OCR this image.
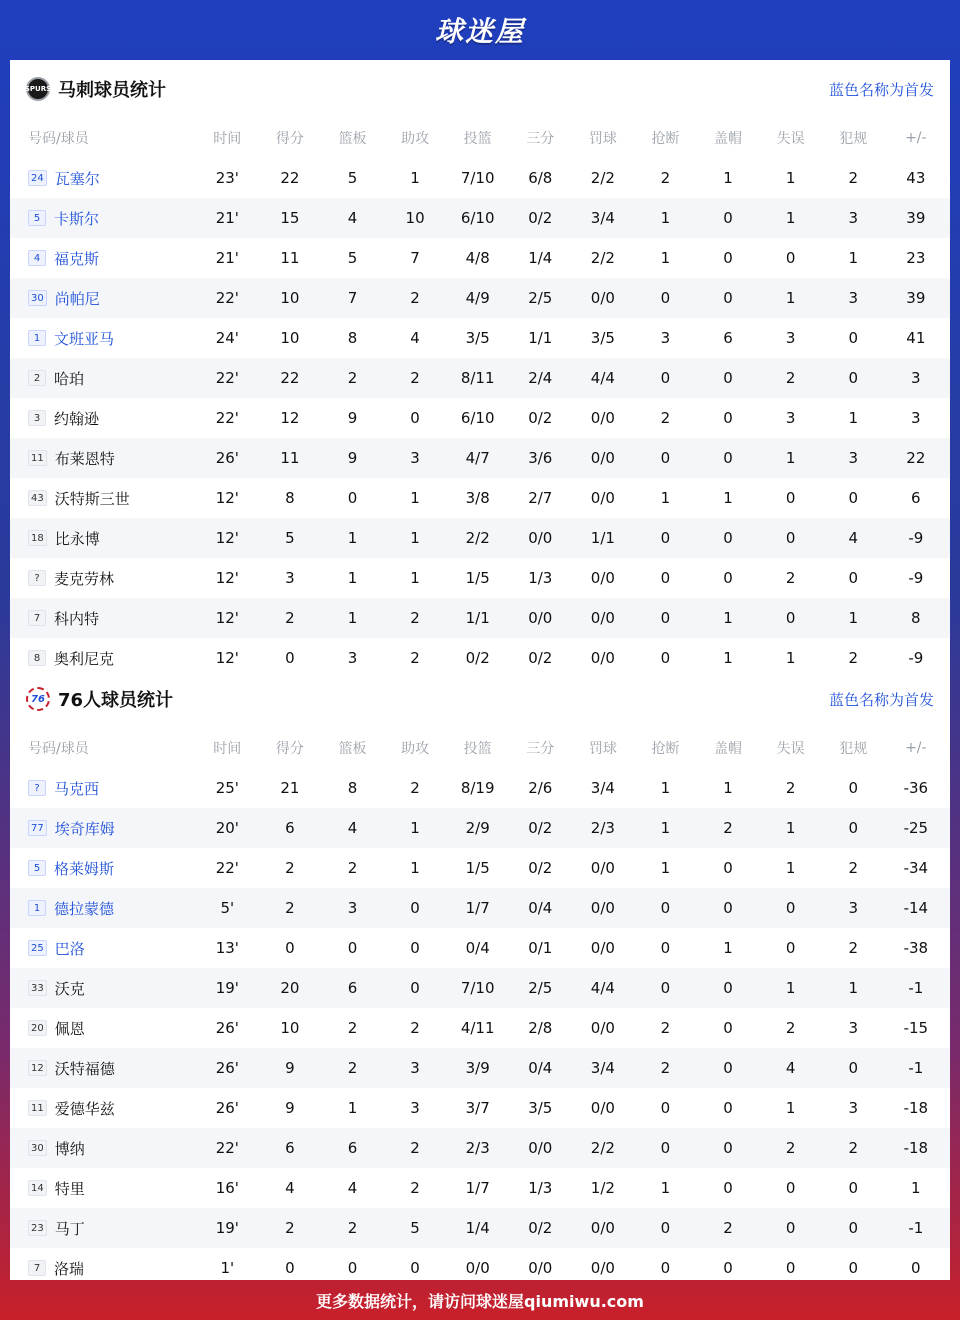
球迷屋
SPURS 马刺球员统计	蓝色名称为首发
号码/球员	时间	得分	篮板	助攻	投篮	三分	罚球	抢断	盖帽	失误	犯规	+/-
24 瓦塞尔	23'	22	5	1	7/10	6/8	2/2	2	1	1	2	43
5 卡斯尔	21'	15	4	10	6/10	0/2	3/4	1	0	1	3	39
4 福克斯	21'	11	5	7	4/8	1/4	2/2	1	0	0	1	23
30 尚帕尼	22'	10	7	2	4/9	2/5	0/0	0	0	1	3	39
1 文班亚马	24'	10	8	4	3/5	1/1	3/5	3	6	3	0	41
2 哈珀	22'	22	2	2	8/11	2/4	4/4	0	0	2	0	3
3 约翰逊	22'	12	9	0	6/10	0/2	0/0	2	0	3	1	3
11 布莱恩特	26'	11	9	3	4/7	3/6	0/0	0	0	1	3	22
43 沃特斯三世	12'	8	0	1	3/8	2/7	0/0	1	1	0	0	6
18 比永博	12'	5	1	1	2/2	0/0	1/1	0	0	0	4	-9
? 麦克劳林	12'	3	1	1	1/5	1/3	0/0	0	0	2	0	-9
7 科内特	12'	2	1	2	1/1	0/0	0/0	0	1	0	1	8
8 奥利尼克	12'	0	3	2	0/2	0/2	0/0	0	1	1	2	-9
76 76人球员统计	蓝色名称为首发
号码/球员	时间	得分	篮板	助攻	投篮	三分	罚球	抢断	盖帽	失误	犯规	+/-
? 马克西	25'	21	8	2	8/19	2/6	3/4	1	1	2	0	-36
77 埃奇库姆	20'	6	4	1	2/9	0/2	2/3	1	2	1	0	-25
5 格莱姆斯	22'	2	2	1	1/5	0/2	0/0	1	0	1	2	-34
1 德拉蒙德	5'	2	3	0	1/7	0/4	0/0	0	0	0	3	-14
25 巴洛	13'	0	0	0	0/4	0/1	0/0	0	1	0	2	-38
33 沃克	19'	20	6	0	7/10	2/5	4/4	0	0	1	1	-1
20 佩恩	26'	10	2	2	4/11	2/8	0/0	2	0	2	3	-15
12 沃特福德	26'	9	2	3	3/9	0/4	3/4	2	0	4	0	-1
11 爱德华兹	26'	9	1	3	3/7	3/5	0/0	0	0	1	3	-18
30 博纳	22'	6	6	2	2/3	0/0	2/2	0	0	2	2	-18
14 特里	16'	4	4	2	1/7	1/3	1/2	1	0	0	0	1
23 马丁	19'	2	2	5	1/4	0/2	0/0	0	2	0	0	-1
7 洛瑞	1'	0	0	0	0/0	0/0	0/0	0	0	0	0	0
更多数据统计，请访问球迷屋qiumiwu.com
